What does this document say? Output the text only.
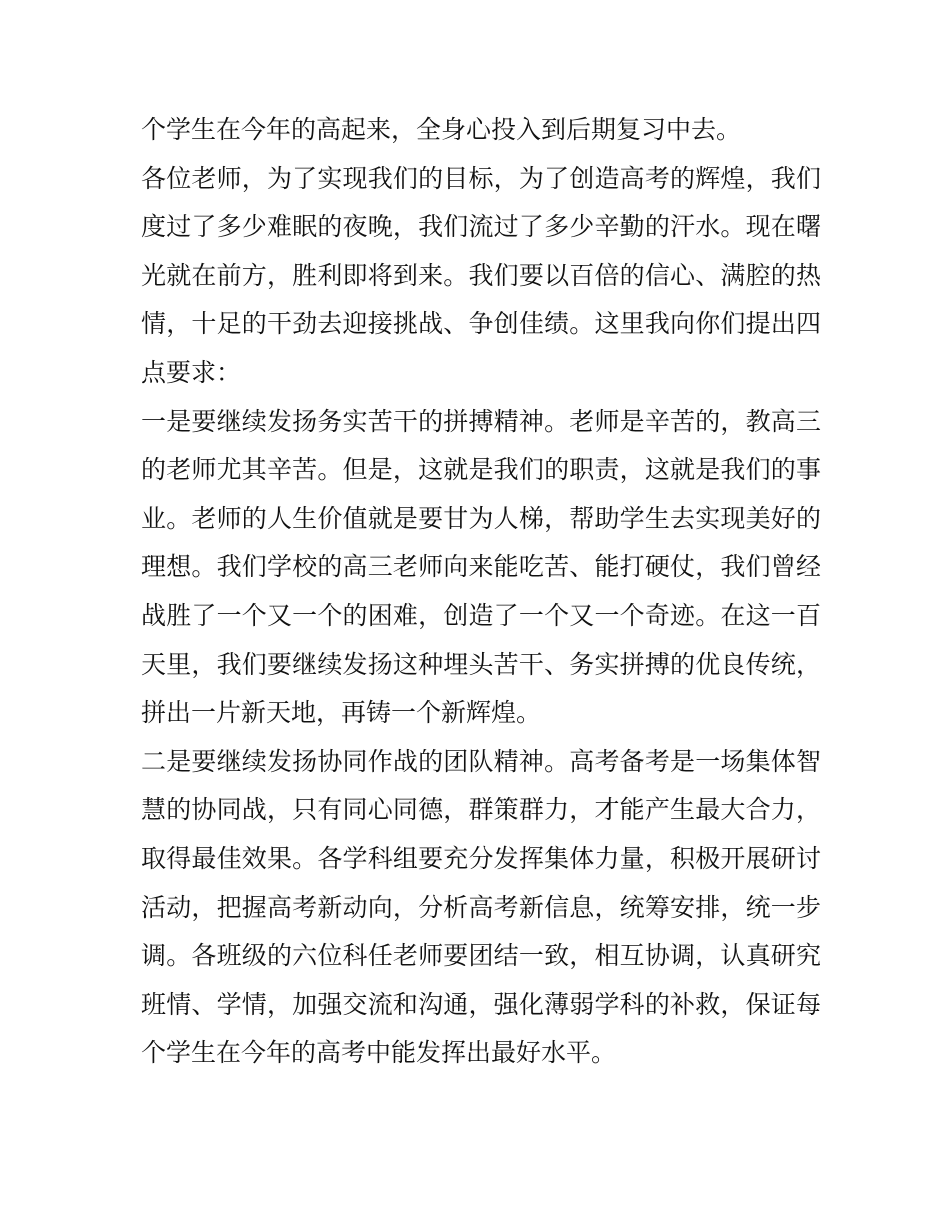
个学生在今年的高起来，全身心投入到后期复习中去。

各位老师，为了实现我们的目标，为了创造高考的辉煌，我们度过了多少难眠的夜晚，我们流过了多少辛勤的汗水。现在曙光就在前方，胜利即将到来。我们要以百倍的信心、满腔的热情，十足的干劲去迎接挑战、争创佳绩。这里我向你们提出四点要求：

一是要继续发扬务实苦干的拼搏精神。老师是辛苦的，教高三的老师尤其辛苦。但是，这就是我们的职责，这就是我们的事业。老师的人生价值就是要甘为人梯，帮助学生去实现美好的理想。我们学校的高三老师向来能吃苦、能打硬仗，我们曾经战胜了一个又一个的困难，创造了一个又一个奇迹。在这一百天里，我们要继续发扬这种埋头苦干、务实拼搏的优良传统，拼出一片新天地，再铸一个新辉煌。

二是要继续发扬协同作战的团队精神。高考备考是一场集体智慧的协同战，只有同心同德，群策群力，才能产生最大合力，取得最佳效果。各学科组要充分发挥集体力量，积极开展研讨活动，把握高考新动向，分析高考新信息，统筹安排，统一步调。各班级的六位科任老师要团结一致，相互协调，认真研究班情、学情，加强交流和沟通，强化薄弱学科的补救，保证每个学生在今年的高考中能发挥出最好水平。
